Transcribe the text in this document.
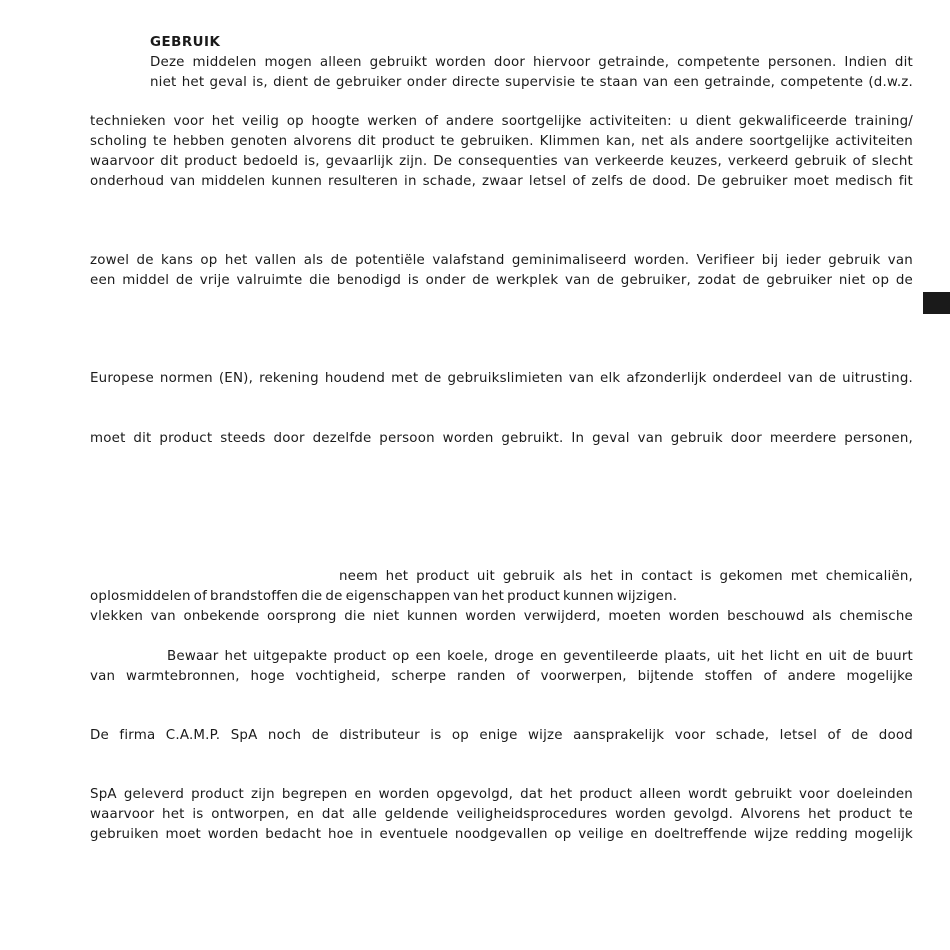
GEBRUIK
Deze middelen mogen alleen gebruikt worden door hiervoor getrainde, competente personen. Indien dit
niet het geval is, dient de gebruiker onder directe supervisie te staan van een getrainde, competente (d.w.z.
technieken voor het veilig op hoogte werken of andere soortgelijke activiteiten: u dient gekwalificeerde training/
scholing te hebben genoten alvorens dit product te gebruiken. Klimmen kan, net als andere soortgelijke activiteiten
waarvoor dit product bedoeld is, gevaarlijk zijn. De consequenties van verkeerde keuzes, verkeerd gebruik of slecht
onderhoud van middelen kunnen resulteren in schade, zwaar letsel of zelfs de dood. De gebruiker moet medisch fit
zowel de kans op het vallen als de potentiële valafstand geminimaliseerd worden. Verifieer bij ieder gebruik van
een middel de vrije valruimte die benodigd is onder de werkplek van de gebruiker, zodat de gebruiker niet op de
Europese normen (EN), rekening houdend met de gebruikslimieten van elk afzonderlijk onderdeel van de uitrusting.
moet dit product steeds door dezelfde persoon worden gebruikt. In geval van gebruik door meerdere personen,
neem het product uit gebruik als het in contact is gekomen met chemicaliën,
oplosmiddelen of brandstoffen die de eigenschappen van het product kunnen wijzigen.
vlekken van onbekende oorsprong die niet kunnen worden verwijderd, moeten worden beschouwd als chemische
Bewaar het uitgepakte product op een koele, droge en geventileerde plaats, uit het licht en uit de buurt
van warmtebronnen, hoge vochtigheid, scherpe randen of voorwerpen, bijtende stoffen of andere mogelijke
De firma C.A.M.P. SpA noch de distributeur is op enige wijze aansprakelijk voor schade, letsel of de dood
SpA geleverd product zijn begrepen en worden opgevolgd, dat het product alleen wordt gebruikt voor doeleinden
waarvoor het is ontworpen, en dat alle geldende veiligheidsprocedures worden gevolgd. Alvorens het product te
gebruiken moet worden bedacht hoe in eventuele noodgevallen op veilige en doeltreffende wijze redding mogelijk
